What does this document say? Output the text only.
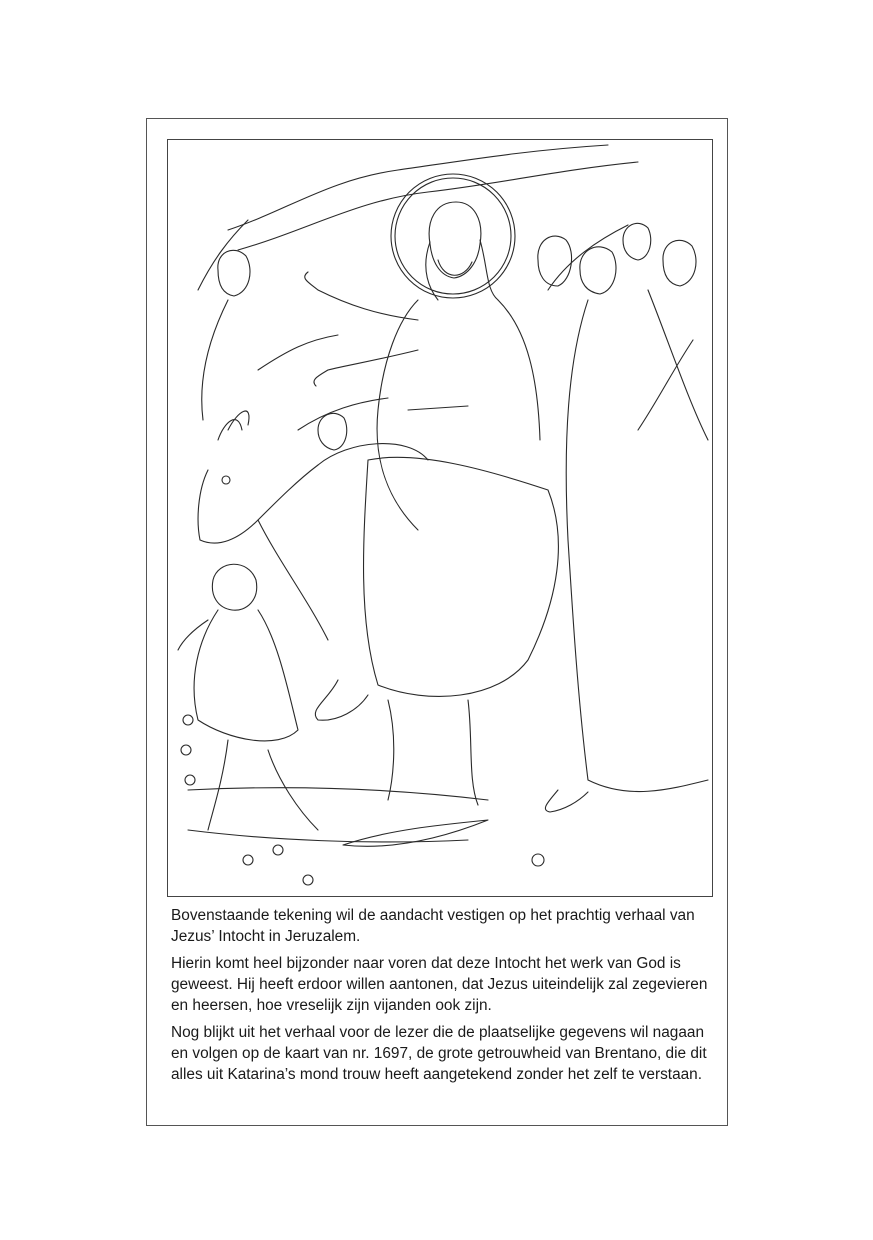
Bovenstaande tekening wil de aandacht vestigen op het prachtig verhaal van Jezus’ Intocht in Jeruzalem.

Hierin komt heel bijzonder naar voren dat deze Intocht het werk van God is geweest. Hij heeft erdoor willen aantonen, dat Jezus uiteindelijk zal zegevieren en heersen, hoe vreselijk zijn vijanden ook zijn.

Nog blijkt uit het verhaal voor de lezer die de plaatselijke gegevens wil nagaan en volgen op de kaart van nr. 1697, de grote getrouwheid van Brentano, die dit alles uit Katarina’s mond trouw heeft aangetekend zonder het zelf te verstaan.
